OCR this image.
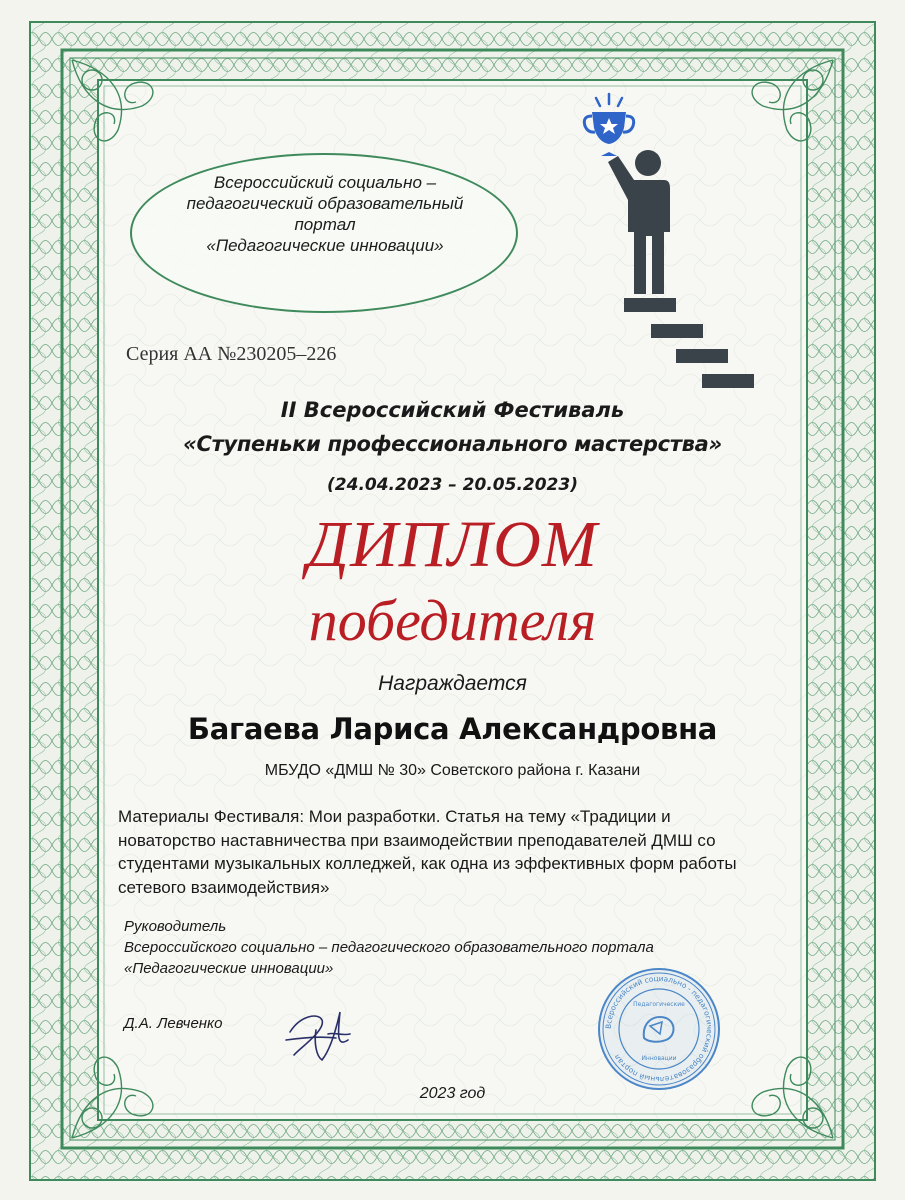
Всероссийский социально –
педагогический образовательный
портал
«Педагогические инновации»
Серия АА №230205–226
II Всероссийский Фестиваль
«Ступеньки профессионального мастерства»
(24.04.2023 – 20.05.2023)
ДИПЛОМ
победителя
Награждается
Багаева Лариса Александровна
МБУДО «ДМШ № 30» Советского района г. Казани
Материалы Фестиваля: Мои разработки. Статья на тему «Традиции и
новаторство наставничества при взаимодействии преподавателей ДМШ со
студентами музыкальных колледжей, как одна из эффективных форм работы
сетевого взаимодействия»
Руководитель
Всероссийского социально – педагогического образовательного портала
«Педагогические инновации»
Д.А. Левченко	Всероссийский социально - педагогический образовательный портал
Педагогические
Инновации
2023 год
